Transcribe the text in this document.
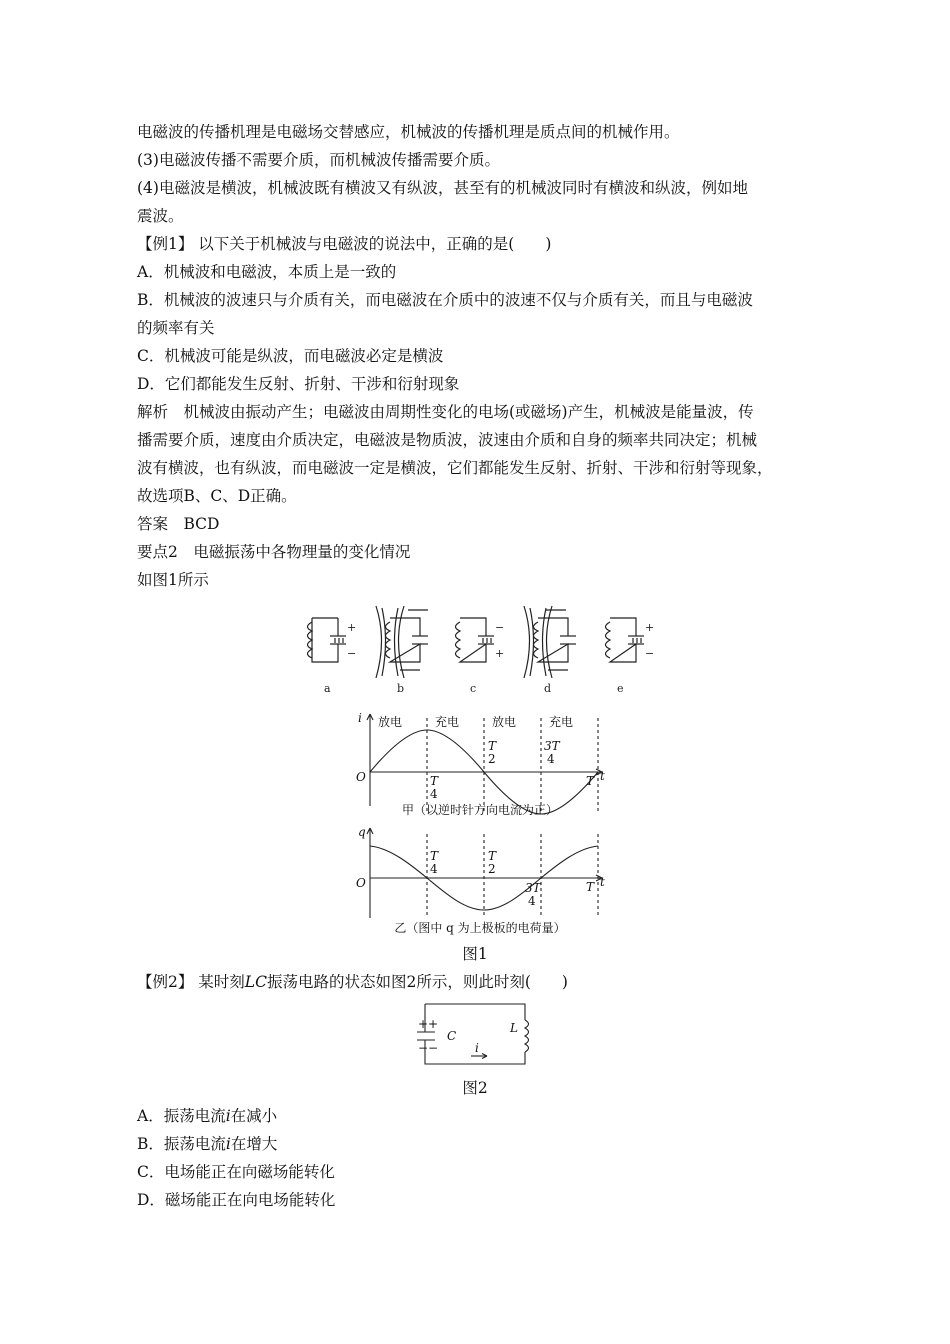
电磁波的传播机理是电磁场交替感应，机械波的传播机理是质点间的机械作用。
(3)电磁波传播不需要介质，而机械波传播需要介质。
(4)电磁波是横波，机械波既有横波又有纵波，甚至有的机械波同时有横波和纵波，例如地
震波。
【例1】 以下关于机械波与电磁波的说法中，正确的是(　　)
A．机械波和电磁波，本质上是一致的
B．机械波的波速只与介质有关，而电磁波在介质中的波速不仅与介质有关，而且与电磁波
的频率有关
C．机械波可能是纵波，而电磁波必定是横波
D．它们都能发生反射、折射、干涉和衍射现象
解析　机械波由振动产生；电磁波由周期性变化的电场(或磁场)产生，机械波是能量波，传
播需要介质，速度由介质决定，电磁波是物质波，波速由介质和自身的频率共同决定；机械
波有横波，也有纵波，而电磁波一定是横波，它们都能发生反射、折射、干涉和衍射等现象，
故选项B、C、D正确。
答案　BCD
要点2　电磁振荡中各物理量的变化情况
如图1所示
+
−
−
+
+
−
a	b	c	d	e
i 放电	充电	放电	充电
O	t
T
4
T
2
3T
4
T
甲（以逆时针方向电流为正）
q
O	t
T
4
T
2
3T
4
T
乙（图中 q 为上极板的电荷量）
图1
【例2】 某时刻LC振荡电路的状态如图2所示，则此时刻(　　)
+ +
− −
C
L
i
图2
A．振荡电流i在减小
B．振荡电流i在增大
C．电场能正在向磁场能转化
D．磁场能正在向电场能转化
